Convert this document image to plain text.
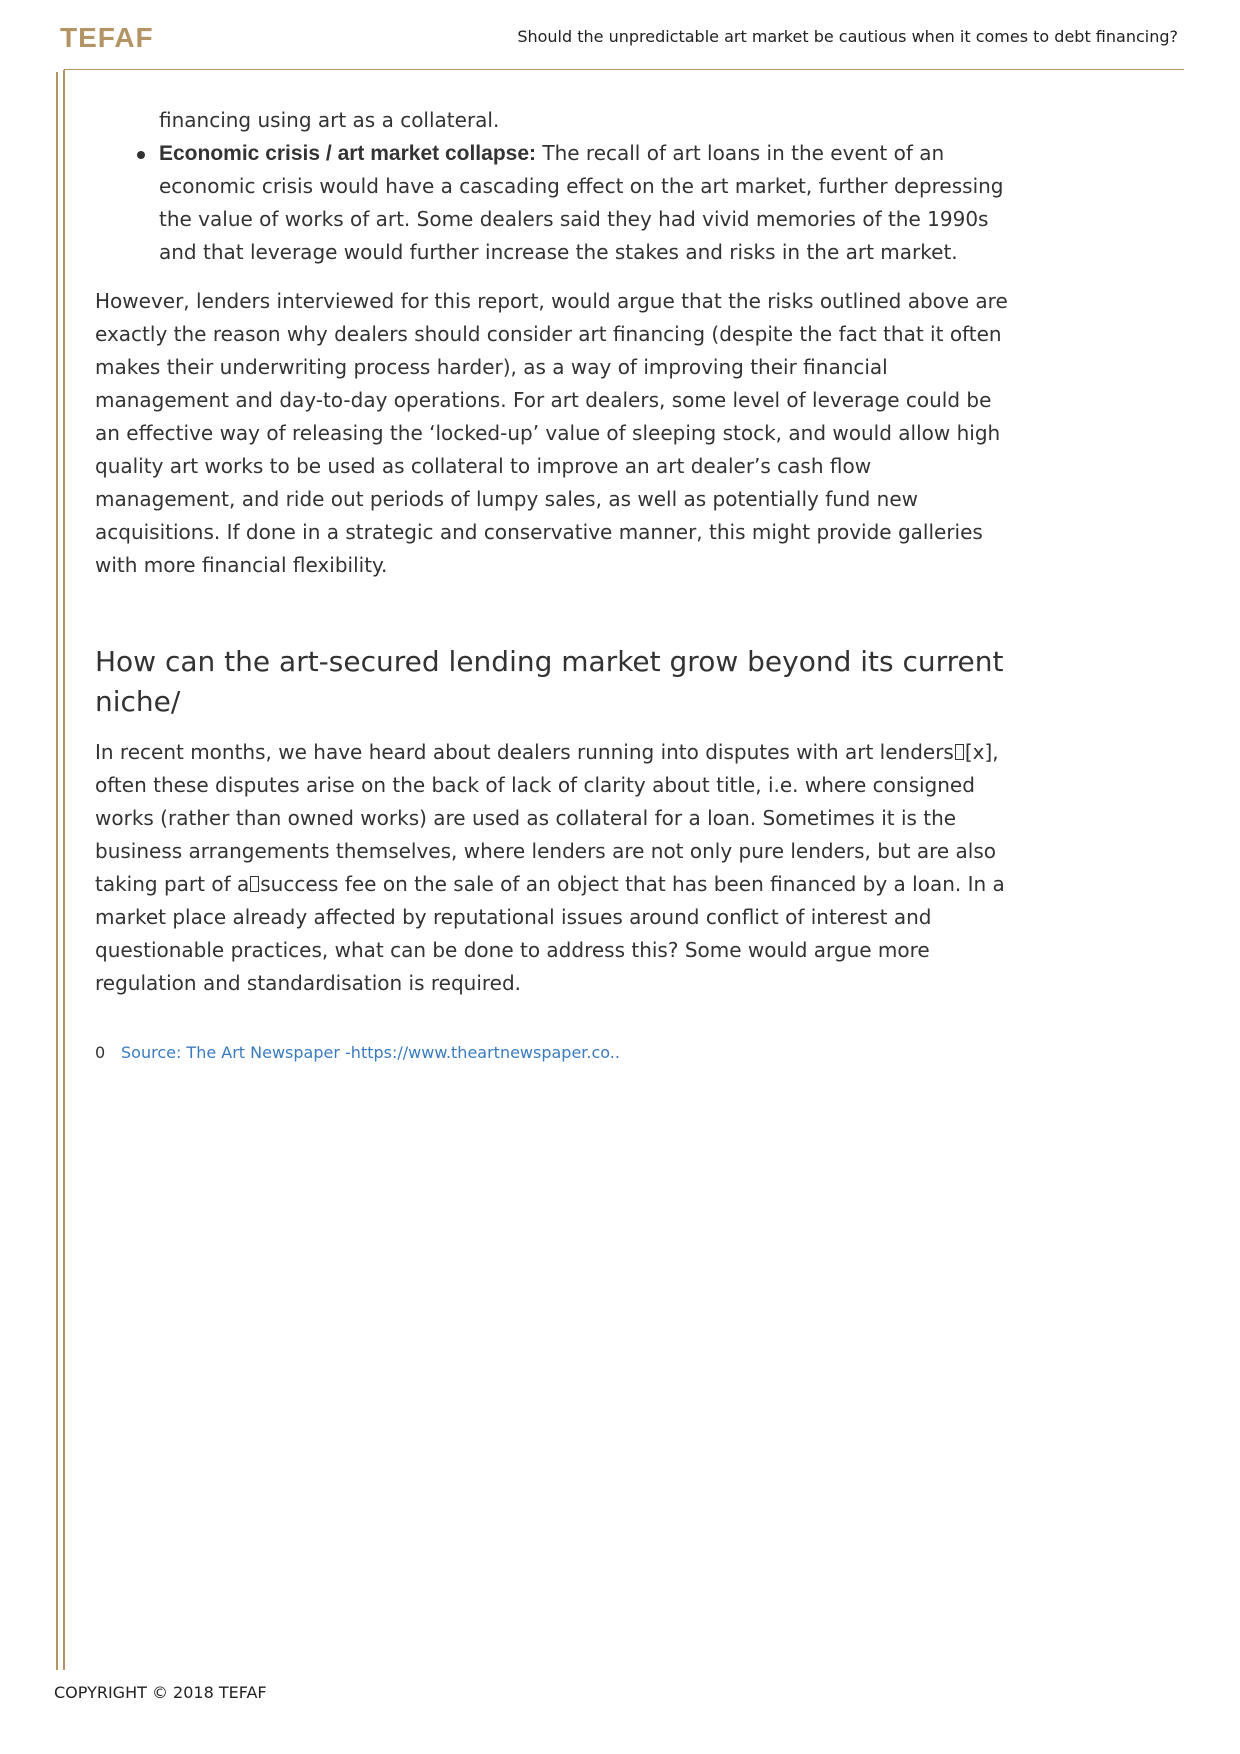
TEFAF	Should the unpredictable art market be cautious when it comes to debt financing?

financing using art as a collateral.

Economic crisis / art market collapse: The recall of art loans in the event of an economic crisis would have a cascading effect on the art market, further depressing the value of works of art. Some dealers said they had vivid memories of the 1990s and that leverage would further increase the stakes and risks in the art market.

However, lenders interviewed for this report, would argue that the risks outlined above are exactly the reason why dealers should consider art financing (despite the fact that it often makes their underwriting process harder), as a way of improving their financial management and day-to-day operations. For art dealers, some level of leverage could be an effective way of releasing the ‘locked-up’ value of sleeping stock, and would allow high quality art works to be used as collateral to improve an art dealer’s cash flow management, and ride out periods of lumpy sales, as well as potentially fund new acquisitions. If done in a strategic and conservative manner, this might provide galleries with more financial flexibility.

How can the art-secured lending market grow beyond its current niche/

In recent months, we have heard about dealers running into disputes with art lenders [x], often these disputes arise on the back of lack of clarity about title, i.e. where consigned works (rather than owned works) are used as collateral for a loan. Sometimes it is the business arrangements themselves, where lenders are not only pure lenders, but are also taking part of a success fee on the sale of an object that has been financed by a loan. In a market place already affected by reputational issues around conflict of interest and questionable practices, what can be done to address this? Some would argue more regulation and standardisation is required.

0 Source: The Art Newspaper -https://www.theartnewspaper.co..
COPYRIGHT © 2018 TEFAF
